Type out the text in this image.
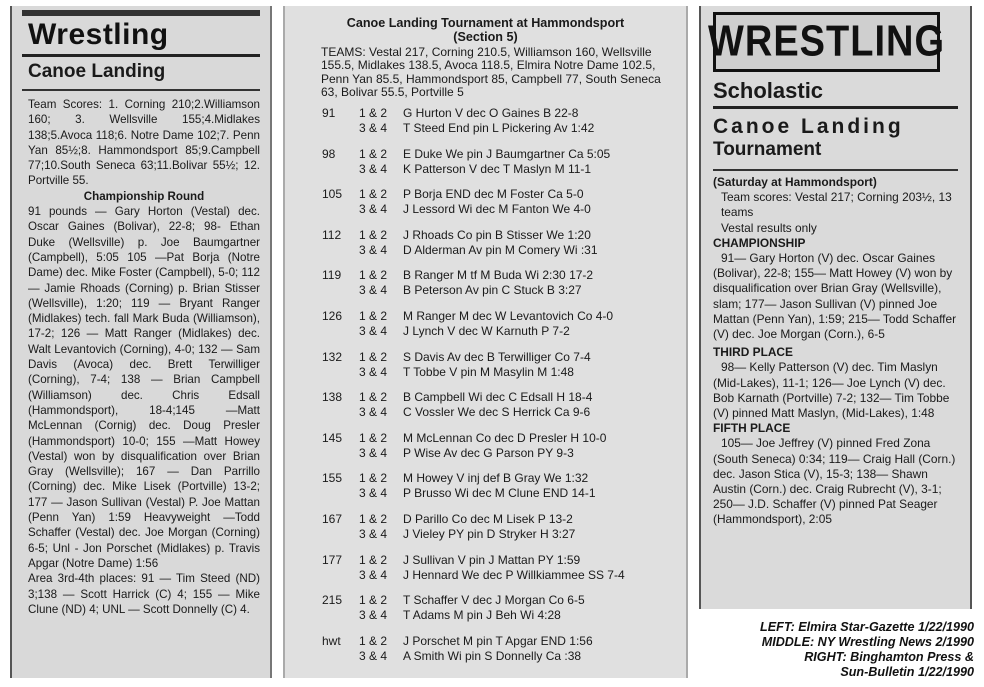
Wrestling
Canoe Landing

Team Scores: 1. Corning 210;2.Williamson 160; 3. Wellsville 155;4.Midlakes 138;5.Avoca 118;6. Notre Dame 102;7. Penn Yan 85½;8. Hammondsport 85;9.Campbell 77;10.South Seneca 63;11.Bolivar 55½; 12. Portville 55.

Championship Round

91 pounds — Gary Horton (Vestal) dec. Oscar Gaines (Bolivar), 22-8; 98- Ethan Duke (Wellsville) p. Joe Baumgartner (Campbell), 5:05 105 —Pat Borja (Notre Dame) dec. Mike Foster (Campbell), 5-0; 112 — Jamie Rhoads (Corning) p. Brian Stisser (Wellsville), 1:20; 119 — Bryant Ranger (Midlakes) tech. fall Mark Buda (Williamson), 17-2; 126 — Matt Ranger (Midlakes) dec. Walt Levantovich (Corning), 4-0; 132 — Sam Davis (Avoca) dec. Brett Terwilliger (Corning), 7-4; 138 — Brian Campbell (Williamson) dec. Chris Edsall (Hammondsport), 18-4;145 —Matt McLennan (Cornig) dec. Doug Presler (Hammondsport) 10-0; 155 —Matt Howey (Vestal) won by disqualification over Brian Gray (Wellsville); 167 — Dan Parrillo (Corning) dec. Mike Lisek (Portville) 13-2; 177 — Jason Sullivan (Vestal) P. Joe Mattan (Penn Yan) 1:59 Heavyweight —Todd Schaffer (Vestal) dec. Joe Morgan (Corning) 6-5; Unl - Jon Porschet (Midlakes) p. Travis Apgar (Notre Dame) 1:56

Area 3rd-4th places: 91 — Tim Steed (ND) 3;138 — Scott Harrick (C) 4; 155 — Mike Clune (ND) 4; UNL — Scott Donnelly (C) 4.

Canoe Landing Tournament at Hammondsport
(Section 5)
TEAMS: Vestal 217, Corning 210.5, Williamson 160, Wellsville 155.5, Midlakes 138.5, Avoca 118.5, Elmira Notre Dame 102.5, Penn Yan 85.5, Hammondsport 85, Campbell 77, South Seneca 63, Bolivar 55.5, Portville 5
91 1 & 2 G Hurton V dec O Gaines B 22-8
3 & 4 T Steed End pin L Pickering Av 1:42
98 1 & 2 E Duke We pin J Baumgartner Ca 5:05
3 & 4 K Patterson V dec T Maslyn M 11-1
105 1 & 2 P Borja END dec M Foster Ca 5-0
3 & 4 J Lessord Wi dec M Fanton We 4-0
112 1 & 2 J Rhoads Co pin B Stisser We 1:20
3 & 4 D Alderman Av pin M Comery Wi :31
119 1 & 2 B Ranger M tf M Buda Wi 2:30 17-2
3 & 4 B Peterson Av pin C Stuck B 3:27
126 1 & 2 M Ranger M dec W Levantovich Co 4-0
3 & 4 J Lynch V dec W Karnuth P 7-2
132 1 & 2 S Davis Av dec B Terwilliger Co 7-4
3 & 4 T Tobbe V pin M Masylin M 1:48
138 1 & 2 B Campbell Wi dec C Edsall H 18-4
3 & 4 C Vossler We dec S Herrick Ca 9-6
145 1 & 2 M McLennan Co dec D Presler H 10-0
3 & 4 P Wise Av dec G Parson PY 9-3
155 1 & 2 M Howey V inj def B Gray We 1:32
3 & 4 P Brusso Wi dec M Clune END 14-1
167 1 & 2 D Parillo Co dec M Lisek P 13-2
3 & 4 J Vieley PY pin D Stryker H 3:27
177 1 & 2 J Sullivan V pin J Mattan PY 1:59
3 & 4 J Hennard We dec P Willkiammee SS 7-4
215 1 & 2 T Schaffer V dec J Morgan Co 6-5
3 & 4 T Adams M pin J Beh Wi 4:28
hwt 1 & 2 J Porschet M pin T Apgar END 1:56
3 & 4 A Smith Wi pin S Donnelly Ca :38
WRESTLING
Scholastic
Canoe Landing
Tournament
(Saturday at Hammondsport)
Team scores: Vestal 217; Corning 203½, 13 teams
Vestal results only
CHAMPIONSHIP
91— Gary Horton (V) dec. Oscar Gaines (Bolivar), 22-8; 155— Matt Howey (V) won by disqualification over Brian Gray (Wellsville), slam; 177— Jason Sullivan (V) pinned Joe Mattan (Penn Yan), 1:59; 215— Todd Schaffer (V) dec. Joe Morgan (Corn.), 6-5
THIRD PLACE
98— Kelly Patterson (V) dec. Tim Maslyn (Mid-Lakes), 11-1; 126— Joe Lynch (V) dec. Bob Karnath (Portville) 7-2; 132— Tim Tobbe (V) pinned Matt Maslyn, (Mid-Lakes), 1:48
FIFTH PLACE
105— Joe Jeffrey (V) pinned Fred Zona (South Seneca) 0:34; 119— Craig Hall (Corn.) dec. Jason Stica (V), 15-3; 138— Shawn Austin (Corn.) dec. Craig Rubrecht (V), 3-1; 250— J.D. Schaffer (V) pinned Pat Seager (Hammondsport), 2:05
LEFT: Elmira Star-Gazette 1/22/1990
MIDDLE: NY Wrestling News 2/1990
RIGHT: Binghamton Press &
Sun-Bulletin 1/22/1990
